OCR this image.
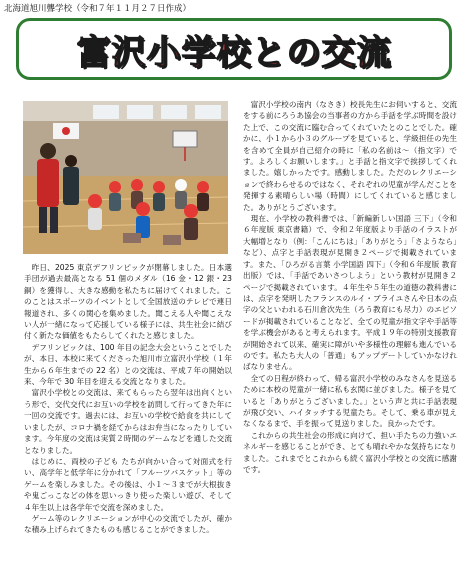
北海道旭川聾学校（令和７年１１月２７日作成）
富沢小学校との交流

昨日、2025 東京デフリンピックが閉幕しました。日本選手団が過去最高となる 51 個のメダル（16 金・12 銀・23 銅）を獲得し、大きな感動を私たちに届けてくれました。このことはスポーツのイベントとして全国放送のテレビで連日報道され、多くの関心を集めました。聞こえる人や聞こえない人が一緒になって応援している様子には、共生社会に結び付く新たな価値をもたらしてくれたと感じました。

デフリンピックは、100 年目の記念大会ということでしたが、本日、本校に来てくださった旭川市立富沢小学校（１年生から６年生までの 22 名）との交流は、平成７年の開始以来、今年で 30 年目を迎える交流となりました。

富沢小学校との交流は、来てもらったら翌年は出向くという形で、交代交代にお互いの学校を訪問して行ってきた年に一回の交流です。過去には、お互いの学校で給食を共にしていましたが、コロナ禍を経てからはお弁当になったりしています。今年度の交流は実質２時間のゲームなどを通した交流となりました。

はじめに、両校の子ども たちが向かい合って対面式を行い、高学年と低学年に分かれて「フルーツバスケット」等のゲームを楽しみました。その後は、小１～３までが大根抜きや鬼ごっこなどの体を思いっきり使った楽しい遊び、そして４年生以上は各学年で交流を深めました。

ゲーム等のレクリエーションが中心の交流でしたが、確かな積み上げられてきたものも感じることができました。

富沢小学校の南内（なさき）校長先生にお伺いすると、交流をする前にろうあ協会の当事者の方から手話を学ぶ時間を設けた上で、この交流に臨む合ってくれていたとのことでした。確かに、小１から小３のグループを見ていると、学級担任の先生を含めて全員が自己紹介の時に「私の名前は〜（指文字）です。よろしくお願いします。」と手話と指文字で挨拶してくれました。嬉しかったです。感動しました。ただのレクリエーションで終わらせるのではなく、それぞれの児童が学んだことを発揮する素晴らしい場（時間）にしてくれていると感じました。ありがとうございます。

現在、小学校の教科書では、「新編新しい国語 三下」（令和６年度版 東京書籍）で、令和２年度版より手話のイラストが大幅増となり（例：「こんにちは」「ありがとう」「さようなら」など）、点字と手話表現が見開き２ページで掲載されています。また、「ひろがる言葉 小学国語 四下」（令和６年度版 教育出版）では、「手話であいさつしよう」という教材が見開き２ページで掲載されています。４年生や５年生の道徳の教科書には、点字を発明したフランスのルイ・ブライユさんや日本の点字の父といわれる石川倉次先生（ろう教育にも尽力）のエピソードが掲載されていることなど、全ての児童が指文字や手話等を学ぶ機会があると考えられます。平成１９年の特別支援教育が開始されて以来、確実に障がいや多様性の理解も進んでいるのです。私たち大人の「普通」もアップデートしていかなければなりません。

全ての日程が終わって、帰る富沢小学校のみなさんを見送るために本校の児童が一緒に私も玄関に並びました。様子を見ていると「ありがとうございました。」という声と共に手話表現が飛び交い、ハイタッチする児童たち。そして、乗る車が見えなくなるまで、手を振って見送りました。良かったです。

これからの共生社会の形成に向けて、担い手たちの力強いエネルギーを感じることができ、とても晴れやかな気持ちになりました。これまでとこれからも続く富沢小学校との交流に感謝です。
